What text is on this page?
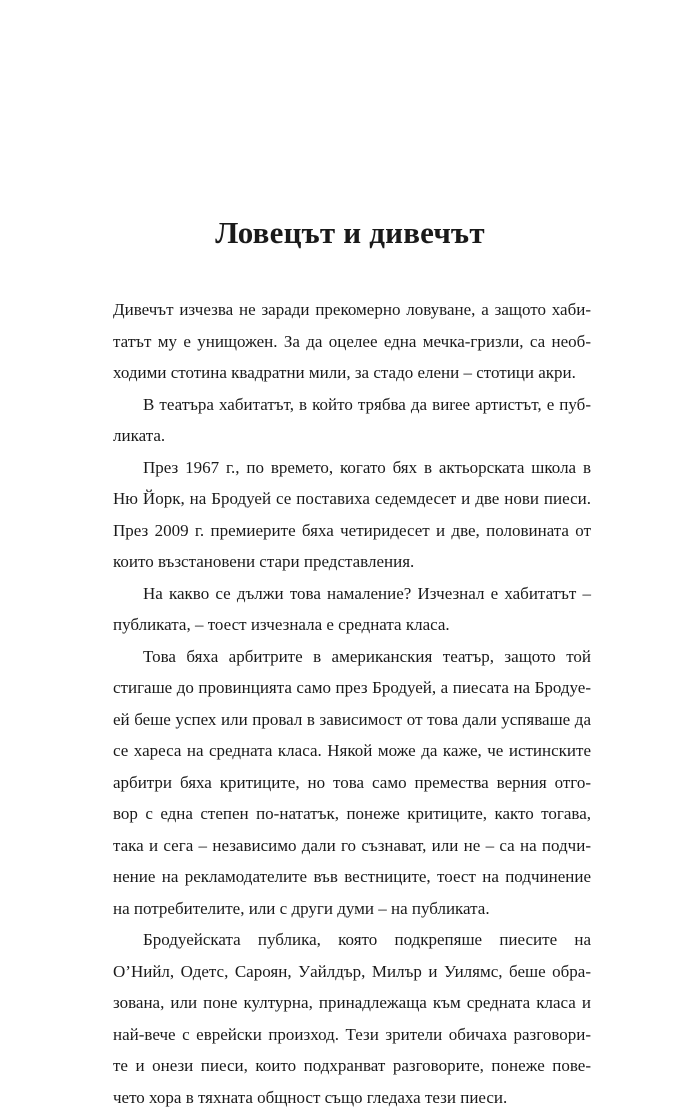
Ловецът и дивечът
Дивечът изчезва не заради прекомерно ловуване, а защото хаби-
татът му е унищожен. За да оцелее една мечка-гризли, са необ-
ходими стотина квадратни мили, за стадо елени – стотици акри.
В театъра хабитатът, в който трябва да виree артистът, е пуб-
ликата.
През 1967 г., по времето, когато бях в актьорската школа в
Ню Йорк, на Бродуей се поставиха седемдесет и две нови пиеси.
През 2009 г. премиерите бяха четиридесет и две, половината от
които възстановени стари представления.
На какво се дължи това намаление? Изчезнал е хабитатът –
публиката, – тоест изчезнала е средната класа.
Това бяха арбитрите в американския театър, защото той
стигаше до провинцията само през Бродуей, а пиесата на Бродуе-
ей беше успех или провал в зависимост от това дали успяваше да
се хареса на средната класа. Някой може да каже, че истинските
арбитри бяха критиците, но това само премества верния отго-
вор с една степен по-нататък, понеже критиците, както тогава,
така и сега – независимо дали го съзнават, или не – са на подчи-
нение на рекламодателите във вестниците, тоест на подчинение
на потребителите, или с други думи – на публиката.
Бродуейската публика, която подкрепяше пиесите на
О’Нийл, Одетс, Сароян, Уайлдър, Милър и Уилямс, беше обра-
зована, или поне културна, принадлежаща към средната класа и
най-вече с еврейски произход. Тези зрители обичаха разговори-
те и онези пиеси, които подхранват разговорите, понеже пове-
чето хора в тяхната общност също гледаха тези пиеси.
